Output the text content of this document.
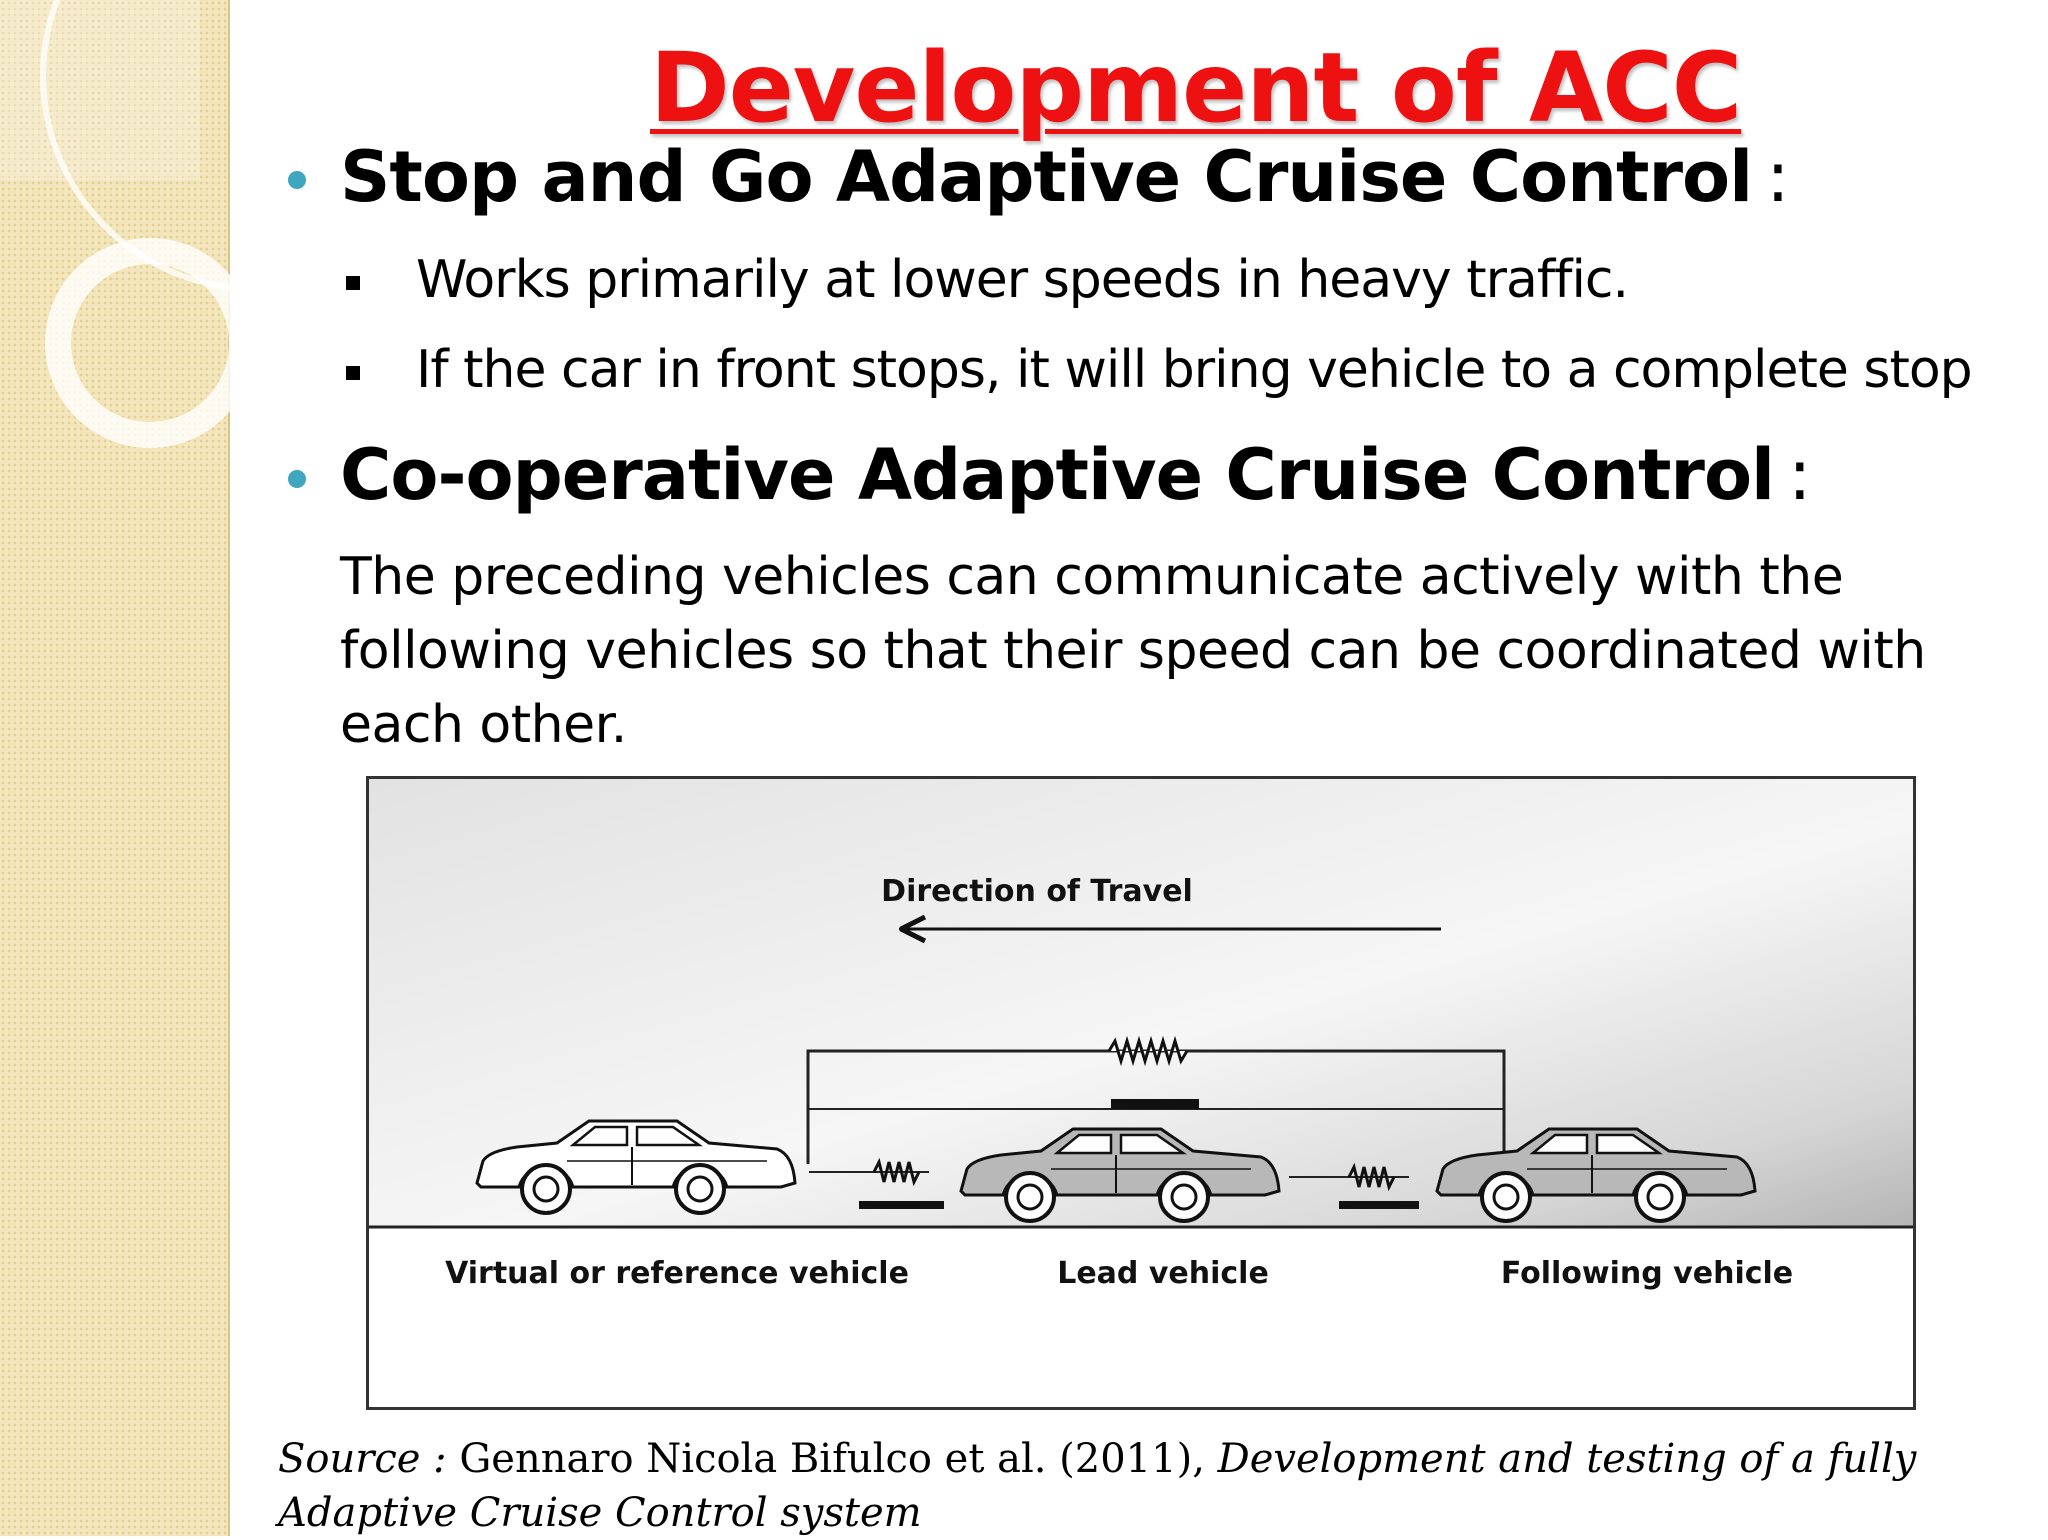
Development of ACC
Stop and Go Adaptive Cruise Control :
Works primarily at lower speeds in heavy traffic.
If the car in front stops, it will bring vehicle to a complete stop
Co-operative Adaptive Cruise Control :
The preceding vehicles can communicate actively with the following vehicles so that their speed can be coordinated with each other.
Direction of Travel
Virtual or reference vehicle	Lead vehicle	Following vehicle
Source : Gennaro Nicola Bifulco et al. (2011), Development and testing of a fully Adaptive Cruise Control system
